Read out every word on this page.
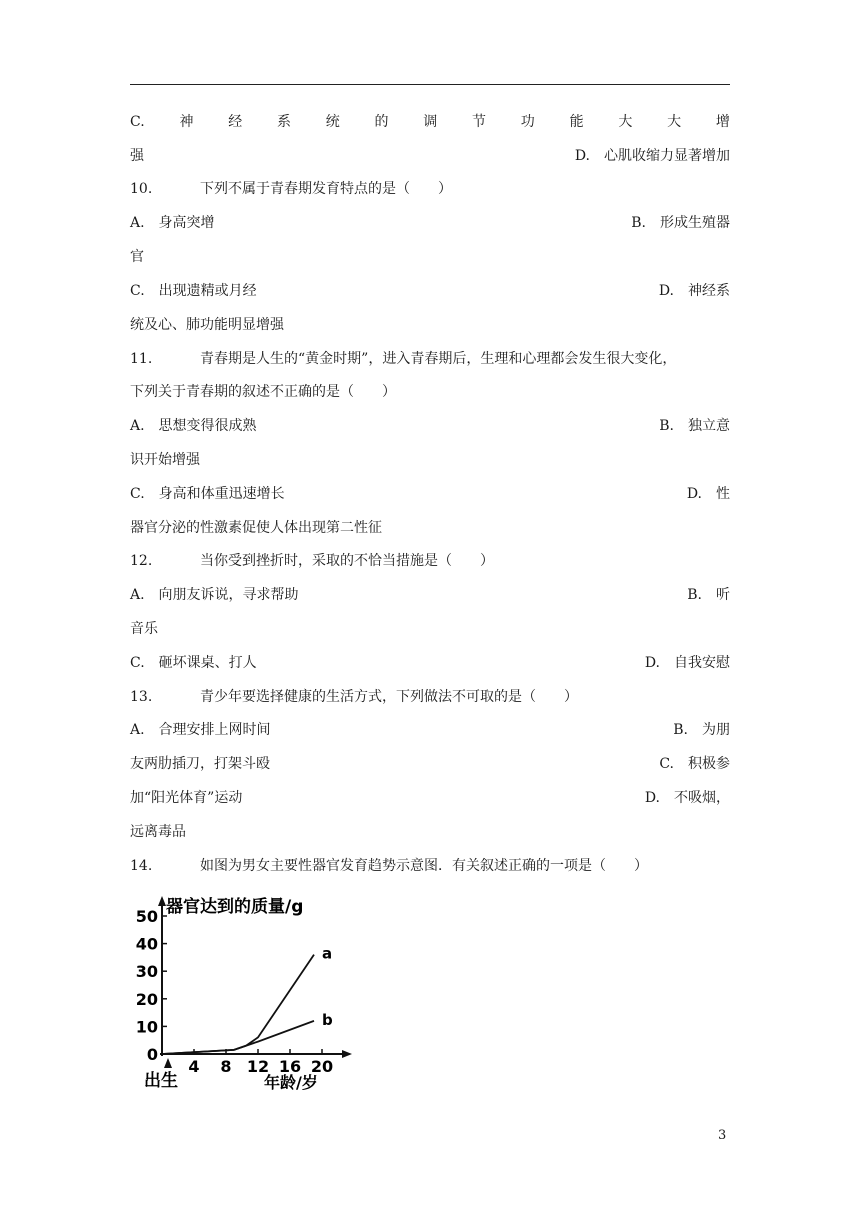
C. 神 经 系 统 的 调 节 功 能 大 大 增
强	D.　心肌收缩力显著增加
10.	下列不属于青春期发育特点的是（　　）
A.　身高突增	B.　形成生殖器
官
C.　出现遗精或月经	D.　神经系
统及心、肺功能明显增强
11.	青春期是人生的“黄金时期”，进入青春期后，生理和心理都会发生很大变化，
下列关于青春期的叙述不正确的是（　　）
A.　思想变得很成熟	B.　独立意
识开始增强
C.　身高和体重迅速增长	D.　性
器官分泌的性激素促使人体出现第二性征
12.	当你受到挫折时，采取的不恰当措施是（　　）
A.　向朋友诉说，寻求帮助	B.　听
音乐
C.　砸坏课桌、打人	D.　自我安慰
13.	青少年要选择健康的生活方式，下列做法不可取的是（　　）
A.　合理安排上网时间	B.　为朋
友两肋插刀，打架斗殴	C.　积极参
加“阳光体育”运动	D.　不吸烟，
远离毒品
14.	如图为男女主要性器官发育趋势示意图．有关叙述正确的一项是（　　）
0
10
20
30
40
50
4 8 12 16 20
出生
器官达到的质量/g
年龄/岁
a
b
3
